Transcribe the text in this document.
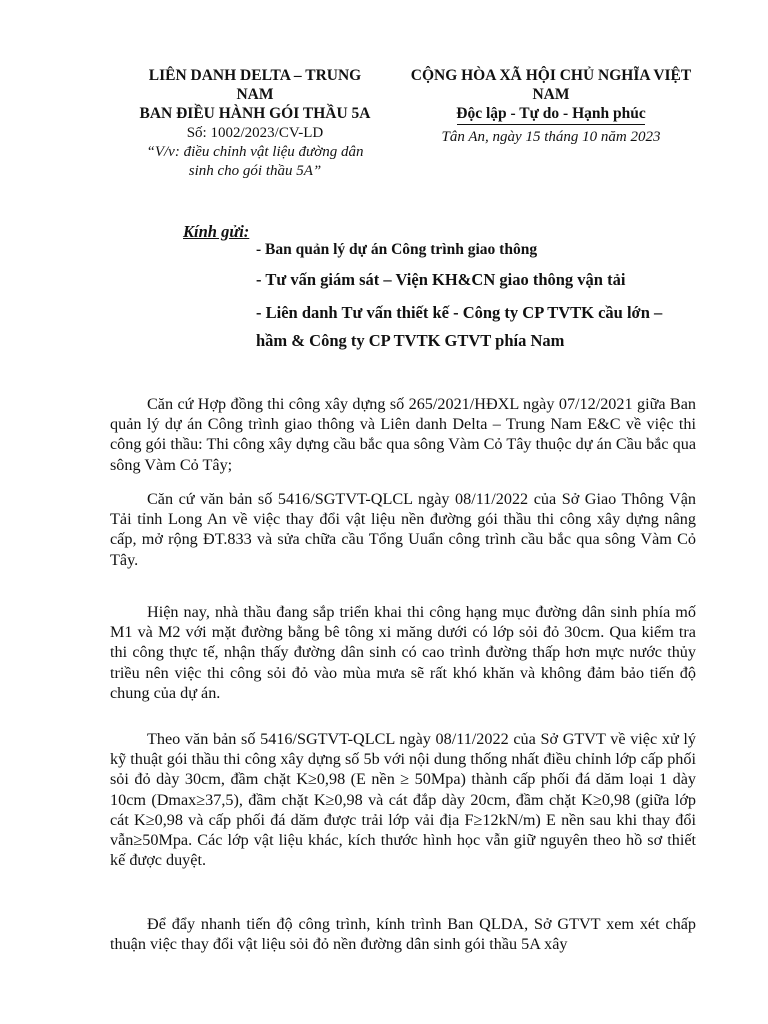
LIÊN DANH DELTA – TRUNG
NAM
BAN ĐIỀU HÀNH GÓI THẦU 5A
Số: 1002/2023/CV-LD
“V/v: điều chỉnh vật liệu đường dân
sinh cho gói thầu 5A”
CỘNG HÒA XÃ HỘI CHỦ NGHĨA VIỆT
NAM
Độc lập - Tự do - Hạnh phúc
Tân An, ngày 15 tháng 10 năm 2023
Kính gửi:
- Ban quản lý dự án Công trình giao thông
- Tư vấn giám sát – Viện KH&CN giao thông vận tải
- Liên danh Tư vấn thiết kế - Công ty CP TVTK cầu lớn – hầm & Công ty CP TVTK GTVT phía Nam

Căn cứ Hợp đồng thi công xây dựng số 265/2021/HĐXL ngày 07/12/2021 giữa Ban quản lý dự án Công trình giao thông và Liên danh Delta – Trung Nam E&C về việc thi công gói thầu: Thi công xây dựng cầu bắc qua sông Vàm Cỏ Tây thuộc dự án Cầu bắc qua sông Vàm Cỏ Tây;

Căn cứ văn bản số 5416/SGTVT-QLCL ngày 08/11/2022 của Sở Giao Thông Vận Tải tỉnh Long An về việc thay đổi vật liệu nền đường gói thầu thi công xây dựng nâng cấp, mở rộng ĐT.833 và sửa chữa cầu Tổng Uuẩn công trình cầu bắc qua sông Vàm Cỏ Tây.

Hiện nay, nhà thầu đang sắp triển khai thi công hạng mục đường dân sinh phía mố M1 và M2 với mặt đường bằng bê tông xi măng dưới có lớp sỏi đỏ 30cm. Qua kiểm tra thi công thực tế, nhận thấy đường dân sinh có cao trình đường thấp hơn mực nước thủy triều nên việc thi công sỏi đỏ vào mùa mưa sẽ rất khó khăn và không đảm bảo tiến độ chung của dự án.

Theo văn bản số 5416/SGTVT-QLCL ngày 08/11/2022 của Sở GTVT về việc xử lý kỹ thuật gói thầu thi công xây dựng số 5b với nội dung thống nhất điều chỉnh lớp cấp phối sỏi đỏ dày 30cm, đầm chặt K≥0,98 (E nền ≥ 50Mpa) thành cấp phối đá dăm loại 1 dày 10cm (Dmax≥37,5), đầm chặt K≥0,98 và cát đắp dày 20cm, đầm chặt K≥0,98 (giữa lớp cát K≥0,98 và cấp phối đá dăm được trải lớp vải địa F≥12kN/m) E nền sau khi thay đổi vẫn≥50Mpa. Các lớp vật liệu khác, kích thước hình học vẫn giữ nguyên theo hồ sơ thiết kế được duyệt.

Để đẩy nhanh tiến độ công trình, kính trình Ban QLDA, Sở GTVT xem xét chấp thuận việc thay đổi vật liệu sỏi đỏ nền đường dân sinh gói thầu 5A xây
